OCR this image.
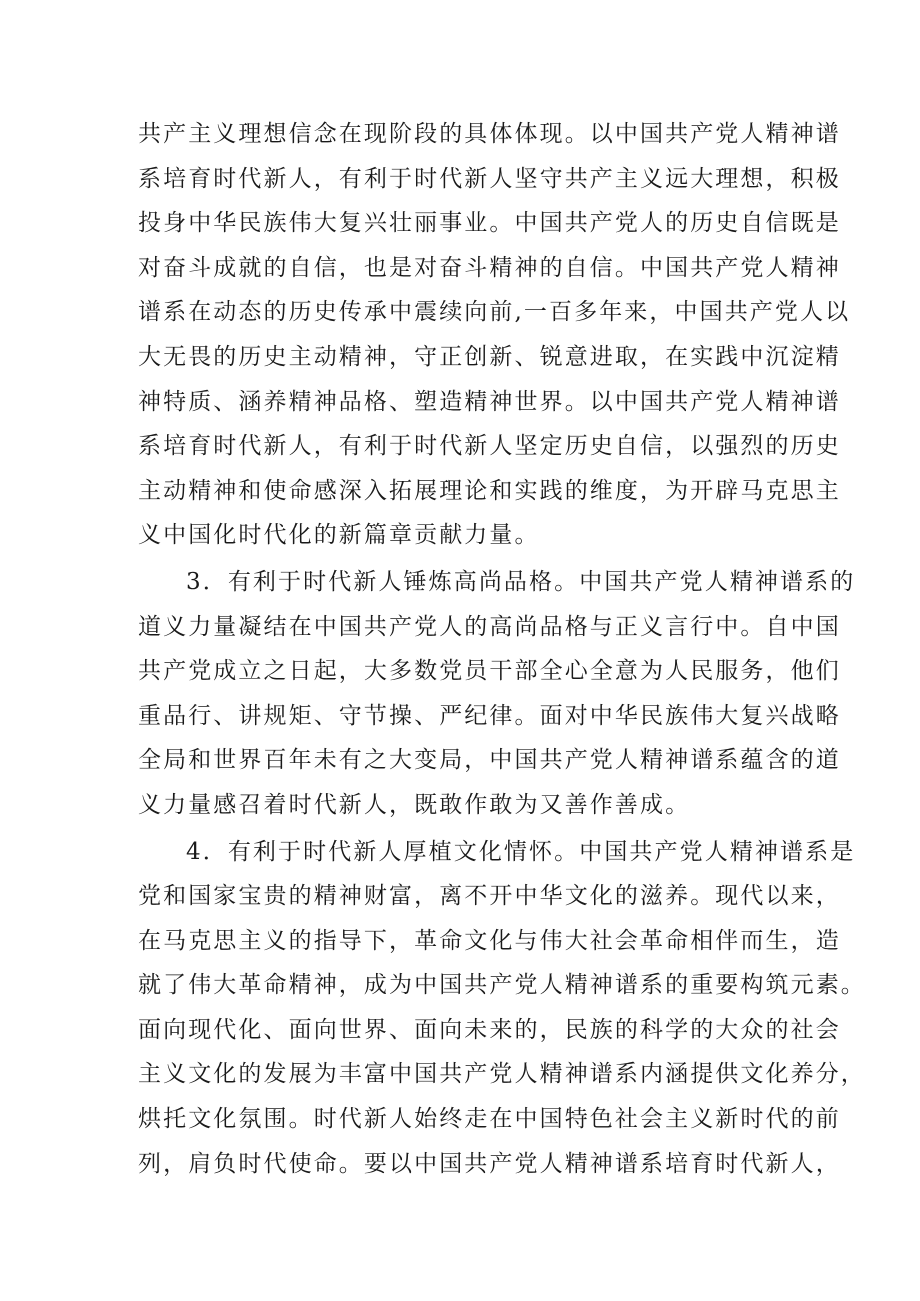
共产主义理想信念在现阶段的具体体现。以中国共产党人精神谱
系培育时代新人，有利于时代新人坚守共产主义远大理想，积极
投身中华民族伟大复兴壮丽事业。中国共产党人的历史自信既是
对奋斗成就的自信，也是对奋斗精神的自信。中国共产党人精神
谱系在动态的历史传承中震续向前,一百多年来，中国共产党人以
大无畏的历史主动精神，守正创新、锐意进取，在实践中沉淀精
神特质、涵养精神品格、塑造精神世界。以中国共产党人精神谱
系培育时代新人，有利于时代新人坚定历史自信，以强烈的历史
主动精神和使命感深入拓展理论和实践的维度，为开辟马克思主
义中国化时代化的新篇章贡献力量。
3．有利于时代新人锤炼高尚品格。中国共产党人精神谱系的
道义力量凝结在中国共产党人的高尚品格与正义言行中。自中国
共产党成立之日起，大多数党员干部全心全意为人民服务，他们
重品行、讲规矩、守节操、严纪律。面对中华民族伟大复兴战略
全局和世界百年未有之大变局，中国共产党人精神谱系蕴含的道
义力量感召着时代新人，既敢作敢为又善作善成。
4．有利于时代新人厚植文化情怀。中国共产党人精神谱系是
党和国家宝贵的精神财富，离不开中华文化的滋养。现代以来，
在马克思主义的指导下，革命文化与伟大社会革命相伴而生，造
就了伟大革命精神，成为中国共产党人精神谱系的重要构筑元素。
面向现代化、面向世界、面向未来的，民族的科学的大众的社会
主义文化的发展为丰富中国共产党人精神谱系内涵提供文化养分，
烘托文化氛围。时代新人始终走在中国特色社会主义新时代的前
列，肩负时代使命。要以中国共产党人精神谱系培育时代新人，
